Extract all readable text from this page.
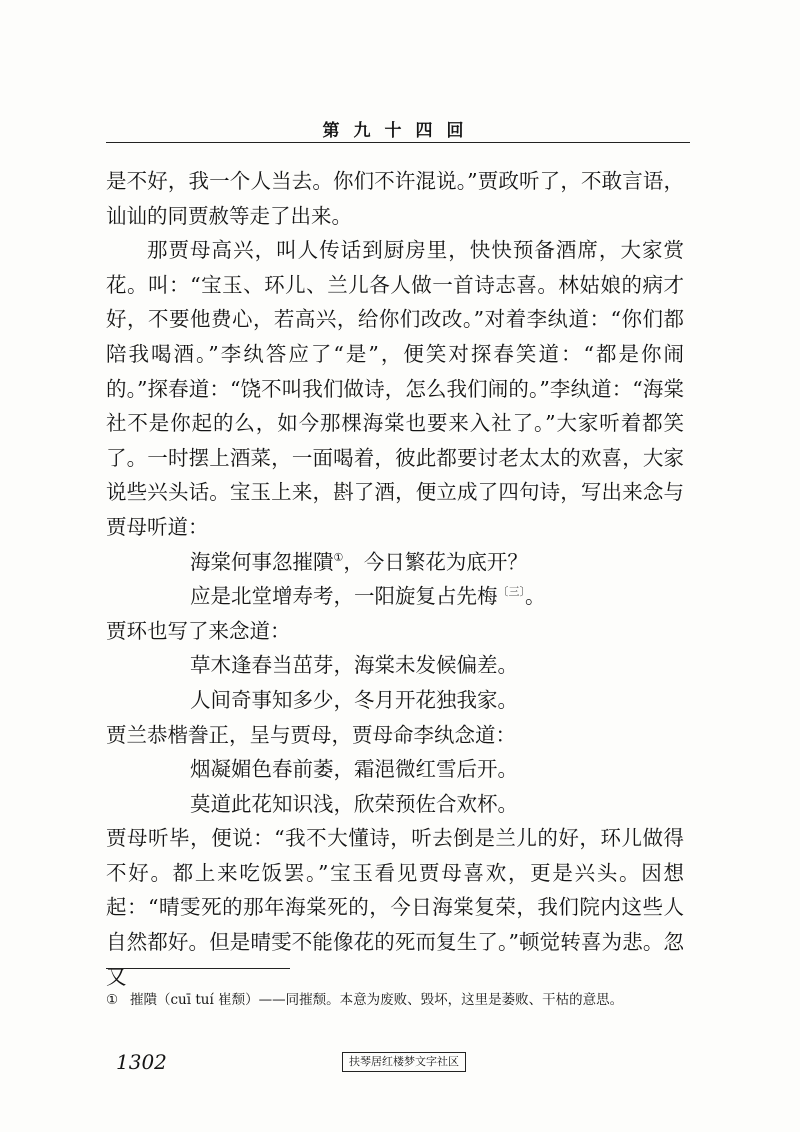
第九十四回

是不好，我一个人当去。你们不许混说。”贾政听了，不敢言语，讪讪的同贾赦等走了出来。

那贾母高兴，叫人传话到厨房里，快快预备酒席，大家赏花。叫：“宝玉、环儿、兰儿各人做一首诗志喜。林姑娘的病才好，不要他费心，若高兴，给你们改改。”对着李纨道：“你们都陪我喝酒。”李纨答应了“是”，便笑对探春笑道：“都是你闹的。”探春道：“饶不叫我们做诗，怎么我们闹的。”李纨道：“海棠社不是你起的么，如今那棵海棠也要来入社了。”大家听着都笑了。一时摆上酒菜，一面喝着，彼此都要讨老太太的欢喜，大家说些兴头话。宝玉上来，斟了酒，便立成了四句诗，写出来念与贾母听道：

海棠何事忽摧隤①，今日繁花为底开？

应是北堂增寿考，一阳旋复占先梅$^{〔三〕}$。

贾环也写了来念道：

草木逢春当茁芽，海棠未发候偏差。

人间奇事知多少，冬月开花独我家。

贾兰恭楷誊正，呈与贾母，贾母命李纨念道：

烟凝媚色春前萎，霜浥微红雪后开。

莫道此花知识浅，欣荣预佐合欢杯。

贾母听毕，便说：“我不大懂诗，听去倒是兰儿的好，环儿做得不好。都上来吃饭罢。”宝玉看见贾母喜欢，更是兴头。因想起：“晴雯死的那年海棠死的，今日海棠复荣，我们院内这些人自然都好。但是晴雯不能像花的死而复生了。”顿觉转喜为悲。忽又

① 摧隤（cuī tuí 崔颓）——同摧颓。本意为废败、毁坏，这里是萎败、干枯的意思。
1302	扶琴居红楼梦文字社区
